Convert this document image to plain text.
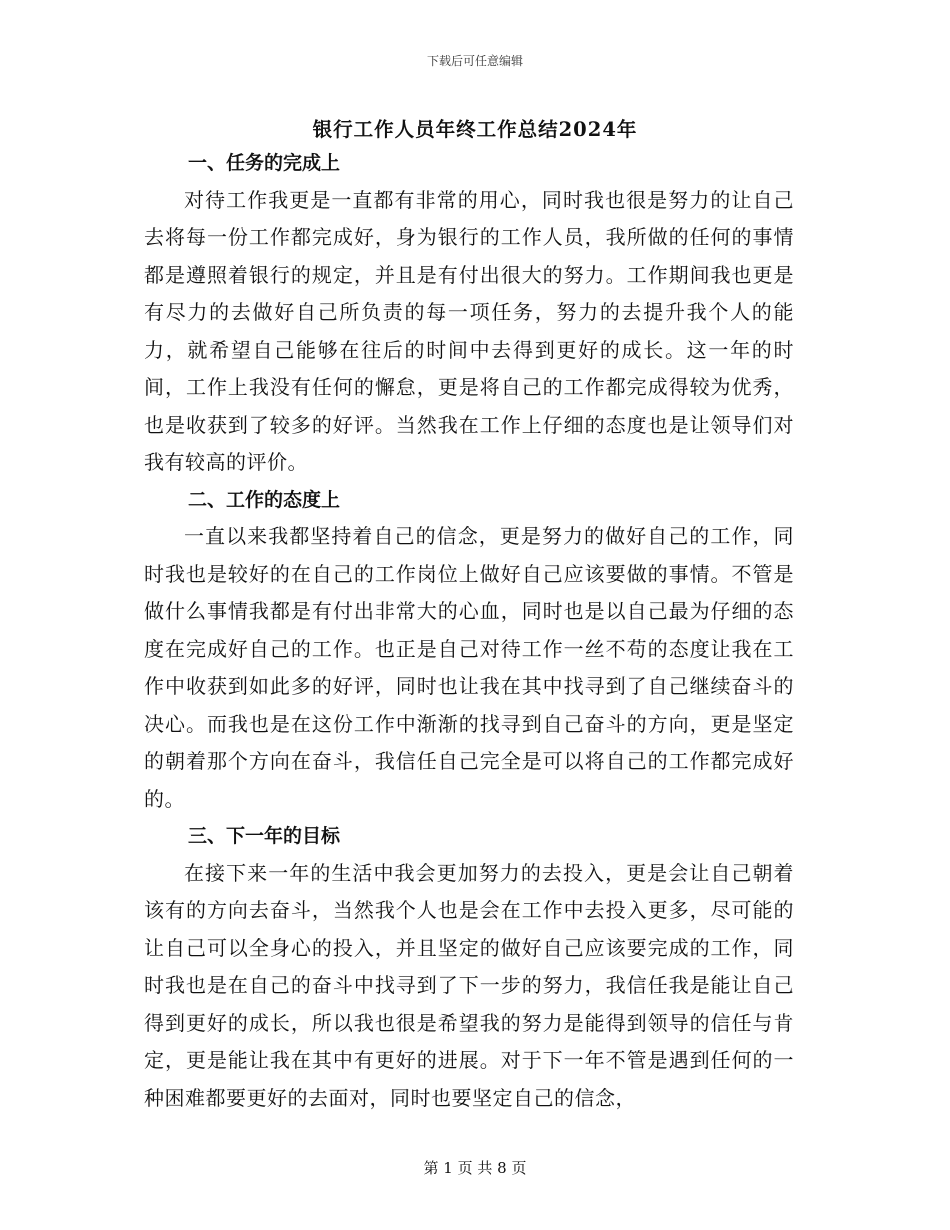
下载后可任意编辑
银行工作人员年终工作总结2024年
一、任务的完成上

对待工作我更是一直都有非常的用心，同时我也很是努力的让自己去将每一份工作都完成好，身为银行的工作人员，我所做的任何的事情都是遵照着银行的规定，并且是有付出很大的努力。工作期间我也更是有尽力的去做好自己所负责的每一项任务，努力的去提升我个人的能力，就希望自己能够在往后的时间中去得到更好的成长。这一年的时间，工作上我没有任何的懈怠，更是将自己的工作都完成得较为优秀，也是收获到了较多的好评。当然我在工作上仔细的态度也是让领导们对我有较高的评价。

二、工作的态度上

一直以来我都坚持着自己的信念，更是努力的做好自己的工作，同时我也是较好的在自己的工作岗位上做好自己应该要做的事情。不管是做什么事情我都是有付出非常大的心血，同时也是以自己最为仔细的态度在完成好自己的工作。也正是自己对待工作一丝不苟的态度让我在工作中收获到如此多的好评，同时也让我在其中找寻到了自己继续奋斗的决心。而我也是在这份工作中渐渐的找寻到自己奋斗的方向，更是坚定的朝着那个方向在奋斗，我信任自己完全是可以将自己的工作都完成好的。

三、下一年的目标

在接下来一年的生活中我会更加努力的去投入，更是会让自己朝着该有的方向去奋斗，当然我个人也是会在工作中去投入更多，尽可能的让自己可以全身心的投入，并且坚定的做好自己应该要完成的工作，同时我也是在自己的奋斗中找寻到了下一步的努力，我信任我是能让自己得到更好的成长，所以我也很是希望我的努力是能得到领导的信任与肯定，更是能让我在其中有更好的进展。对于下一年不管是遇到任何的一种困难都要更好的去面对，同时也要坚定自己的信念，

第 1 页 共 8 页
